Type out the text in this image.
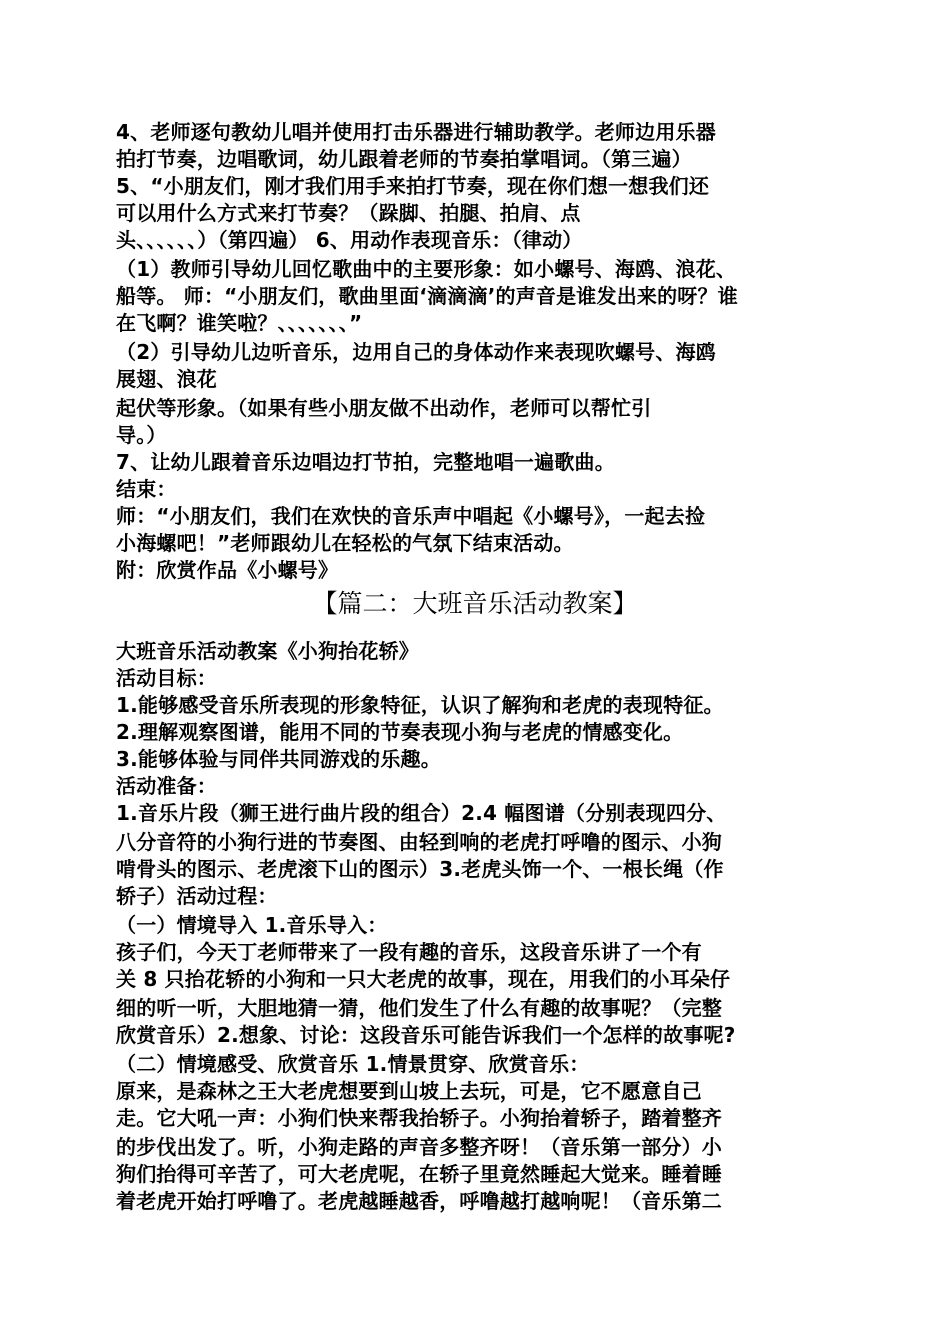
4、老师逐句教幼儿唱并使用打击乐器进行辅助教学。老师边用乐器
拍打节奏，边唱歌词，幼儿跟着老师的节奏拍掌唱词。（第三遍）
5、“小朋友们，刚才我们用手来拍打节奏，现在你们想一想我们还
可以用什么方式来打节奏？（跺脚、拍腿、拍肩、点
头、、、、、、）（第四遍） 6、用动作表现音乐：（律动）
（1）教师引导幼儿回忆歌曲中的主要形象：如小螺号、海鸥、浪花、
船等。 师：“小朋友们，歌曲里面‘滴滴滴’的声音是谁发出来的呀？谁
在飞啊？谁笑啦？、、、、、、、”
（2）引导幼儿边听音乐，边用自己的身体动作来表现吹螺号、海鸥
展翅、浪花
起伏等形象。（如果有些小朋友做不出动作，老师可以帮忙引
导。）
7、让幼儿跟着音乐边唱边打节拍，完整地唱一遍歌曲。
结束：
师：“小朋友们，我们在欢快的音乐声中唱起《小螺号》，一起去捡
小海螺吧！”老师跟幼儿在轻松的气氛下结束活动。
附：欣赏作品《小螺号》
【篇二：大班音乐活动教案】
大班音乐活动教案《小狗抬花轿》
活动目标：
1.能够感受音乐所表现的形象特征，认识了解狗和老虎的表现特征。
2.理解观察图谱，能用不同的节奏表现小狗与老虎的情感变化。
3.能够体验与同伴共同游戏的乐趣。
活动准备：
1.音乐片段（狮王进行曲片段的组合）2.4 幅图谱（分别表现四分、
八分音符的小狗行进的节奏图、由轻到响的老虎打呼噜的图示、小狗
啃骨头的图示、老虎滚下山的图示）3.老虎头饰一个、一根长绳（作
轿子）活动过程：
（一）情境导入 1.音乐导入：
孩子们，今天丁老师带来了一段有趣的音乐，这段音乐讲了一个有
关 8 只抬花轿的小狗和一只大老虎的故事，现在，用我们的小耳朵仔
细的听一听，大胆地猜一猜，他们发生了什么有趣的故事呢？（完整
欣赏音乐）2.想象、讨论：这段音乐可能告诉我们一个怎样的故事呢?
（二）情境感受、欣赏音乐 1.情景贯穿、欣赏音乐：
原来，是森林之王大老虎想要到山坡上去玩，可是，它不愿意自己
走。它大吼一声：小狗们快来帮我抬轿子。小狗抬着轿子，踏着整齐
的步伐出发了。听，小狗走路的声音多整齐呀！（音乐第一部分）小
狗们抬得可辛苦了，可大老虎呢，在轿子里竟然睡起大觉来。睡着睡
着老虎开始打呼噜了。老虎越睡越香，呼噜越打越响呢！（音乐第二
